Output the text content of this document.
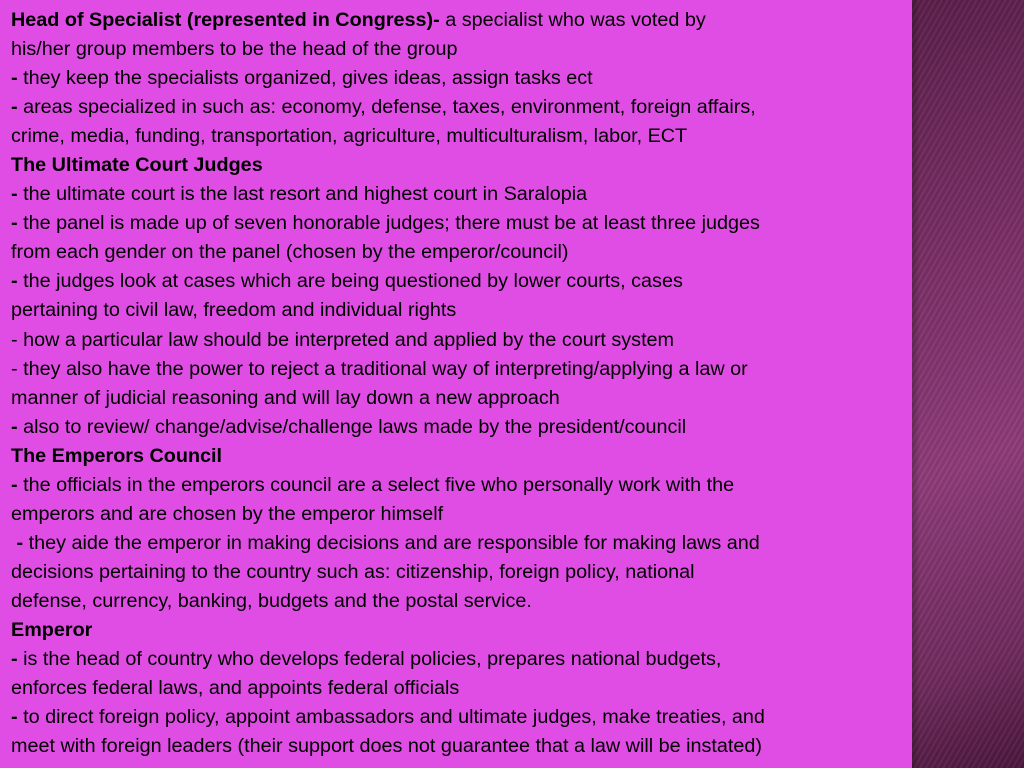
Head of Specialist (represented in Congress)- a specialist who was voted by
his/her group members to be the head of the group
- they keep the specialists organized, gives ideas, assign tasks ect
- areas specialized in such as: economy, defense, taxes, environment, foreign affairs,
crime, media, funding, transportation, agriculture, multiculturalism, labor, ECT
The Ultimate Court Judges
- the ultimate court is the last resort and highest court in Saralopia
- the panel is made up of seven honorable judges; there must be at least three judges
from each gender on the panel (chosen by the emperor/council)
- the judges look at cases which are being questioned by lower courts, cases
pertaining to civil law, freedom and individual rights
- how a particular law should be interpreted and applied by the court system
- they also have the power to reject a traditional way of interpreting/applying a law or
manner of judicial reasoning and will lay down a new approach
- also to review/ change/advise/challenge laws made by the president/council
The Emperors Council
- the officials in the emperors council are a select five who personally work with the
emperors and are chosen by the emperor himself
- they aide the emperor in making decisions and are responsible for making laws and
decisions pertaining to the country such as: citizenship, foreign policy, national
defense, currency, banking, budgets and the postal service.
Emperor
- is the head of country who develops federal policies, prepares national budgets,
enforces federal laws, and appoints federal officials
- to direct foreign policy, appoint ambassadors and ultimate judges, make treaties, and
meet with foreign leaders (their support does not guarantee that a law will be instated)
